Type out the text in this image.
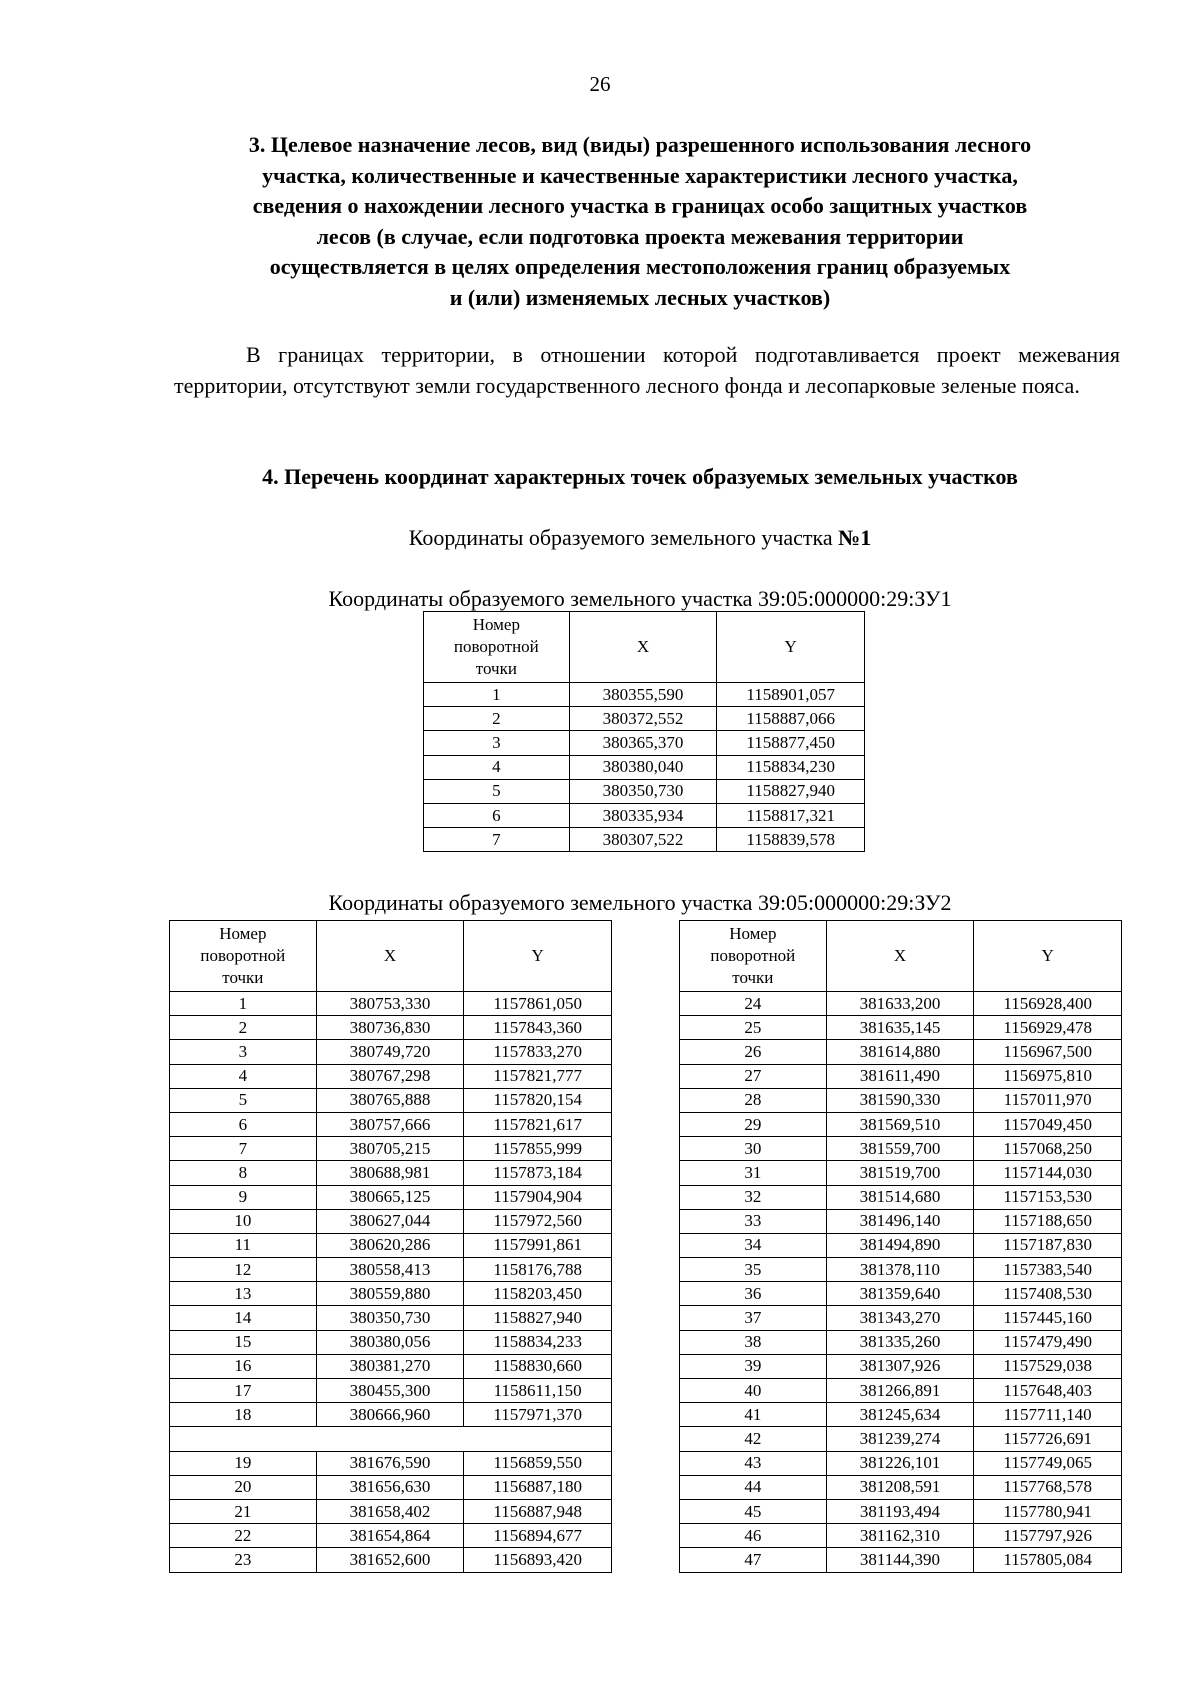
26
3. Целевое назначение лесов, вид (виды) разрешенного использования лесного
участка, количественные и качественные характеристики лесного участка,
сведения о нахождении лесного участка в границах особо защитных участков
лесов (в случае, если подготовка проекта межевания территории
осуществляется в целях определения местоположения границ образуемых
и (или) изменяемых лесных участков)
В границах территории, в отношении которой подготавливается проект межевания территории, отсутствуют земли государственного лесного фонда и лесопарковые зеленые пояса.
4. Перечень координат характерных точек образуемых земельных участков
Координаты образуемого земельного участка №1
Координаты образуемого земельного участка 39:05:000000:29:ЗУ1
Номер
поворотной
точки	X	Y
1	380355,590	1158901,057
2	380372,552	1158887,066
3	380365,370	1158877,450
4	380380,040	1158834,230
5	380350,730	1158827,940
6	380335,934	1158817,321
7	380307,522	1158839,578
Координаты образуемого земельного участка 39:05:000000:29:ЗУ2
Номер
поворотной
точки	X	Y
1	380753,330	1157861,050
2	380736,830	1157843,360
3	380749,720	1157833,270
4	380767,298	1157821,777
5	380765,888	1157820,154
6	380757,666	1157821,617
7	380705,215	1157855,999
8	380688,981	1157873,184
9	380665,125	1157904,904
10	380627,044	1157972,560
11	380620,286	1157991,861
12	380558,413	1158176,788
13	380559,880	1158203,450
14	380350,730	1158827,940
15	380380,056	1158834,233
16	380381,270	1158830,660
17	380455,300	1158611,150
18	380666,960	1157971,370

19	381676,590	1156859,550
20	381656,630	1156887,180
21	381658,402	1156887,948
22	381654,864	1156894,677
23	381652,600	1156893,420
Номер
поворотной
точки	X	Y
24	381633,200	1156928,400
25	381635,145	1156929,478
26	381614,880	1156967,500
27	381611,490	1156975,810
28	381590,330	1157011,970
29	381569,510	1157049,450
30	381559,700	1157068,250
31	381519,700	1157144,030
32	381514,680	1157153,530
33	381496,140	1157188,650
34	381494,890	1157187,830
35	381378,110	1157383,540
36	381359,640	1157408,530
37	381343,270	1157445,160
38	381335,260	1157479,490
39	381307,926	1157529,038
40	381266,891	1157648,403
41	381245,634	1157711,140
42	381239,274	1157726,691
43	381226,101	1157749,065
44	381208,591	1157768,578
45	381193,494	1157780,941
46	381162,310	1157797,926
47	381144,390	1157805,084
